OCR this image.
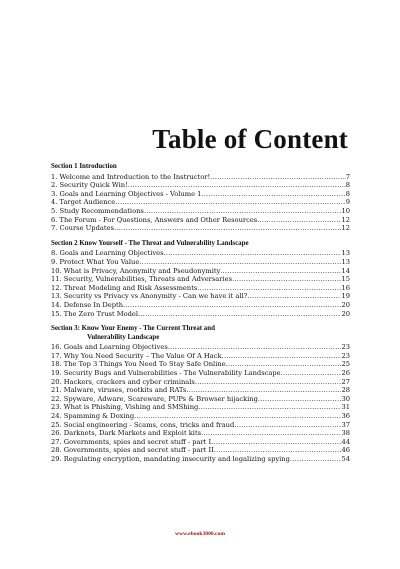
Table of Content
Section 1 Introduction
1. Welcome and Introduction to the Instructor! .....	7
2. Security Quick Win! .....	8
3. Goals and Learning Objectives - Volume 1 .....	8
4. Target Audience .....	9
5. Study Recommendations .....	10
6. The Forum - For Questions, Answers and Other Resources .....	12
7. Course Updates .....	12
Section 2 Know Yourself - The Threat and Vulnerability Landscape
8. Goals and Learning Objectives .....	13
9. Protect What You Value .....	13
10. What is Privacy, Anonymity and Pseudonymity .....	14
11. Security, Vulnerabilities, Threats and Adversaries .....	15
12. Threat Modeling and Risk Assessments .....	16
13. Security vs Privacy vs Anonymity - Can we have it all? .....	19
14. Defense In Depth .....	20
15. The Zero Trust Model .....	20
Section 3: Know Your Enemy - The Current Threat and
Vulnerability Landscape
16. Goals and Learning Objectives .....	23
17. Why You Need Security – The Value Of A Hack .....	23
18. The Top 3 Things You Need To Stay Safe Online .....	25
19. Security Bugs and Vulnerabilities - The Vulnerability Landscape .....	26
20. Hackers, crackers and cyber criminals .....	27
21. Malware, viruses, rootkits and RATs .....	28
22. Spyware, Adware, Scareware, PUPs & Browser hijacking .....	30
23. What is Phishing, Vishing and SMShing .....	31
24. Spamming & Doxing .....	36
25. Social engineering - Scams, cons, tricks and fraud .....	37
26. Darknets, Dark Markets and Exploit kits .....	38
27. Governments, spies and secret stuff - part I .....	44
28. Governments, spies and secret stuff - part II .....	46
29. Regulating encryption, mandating insecurity and legalizing spying .....	54
www.ebook3000.com
